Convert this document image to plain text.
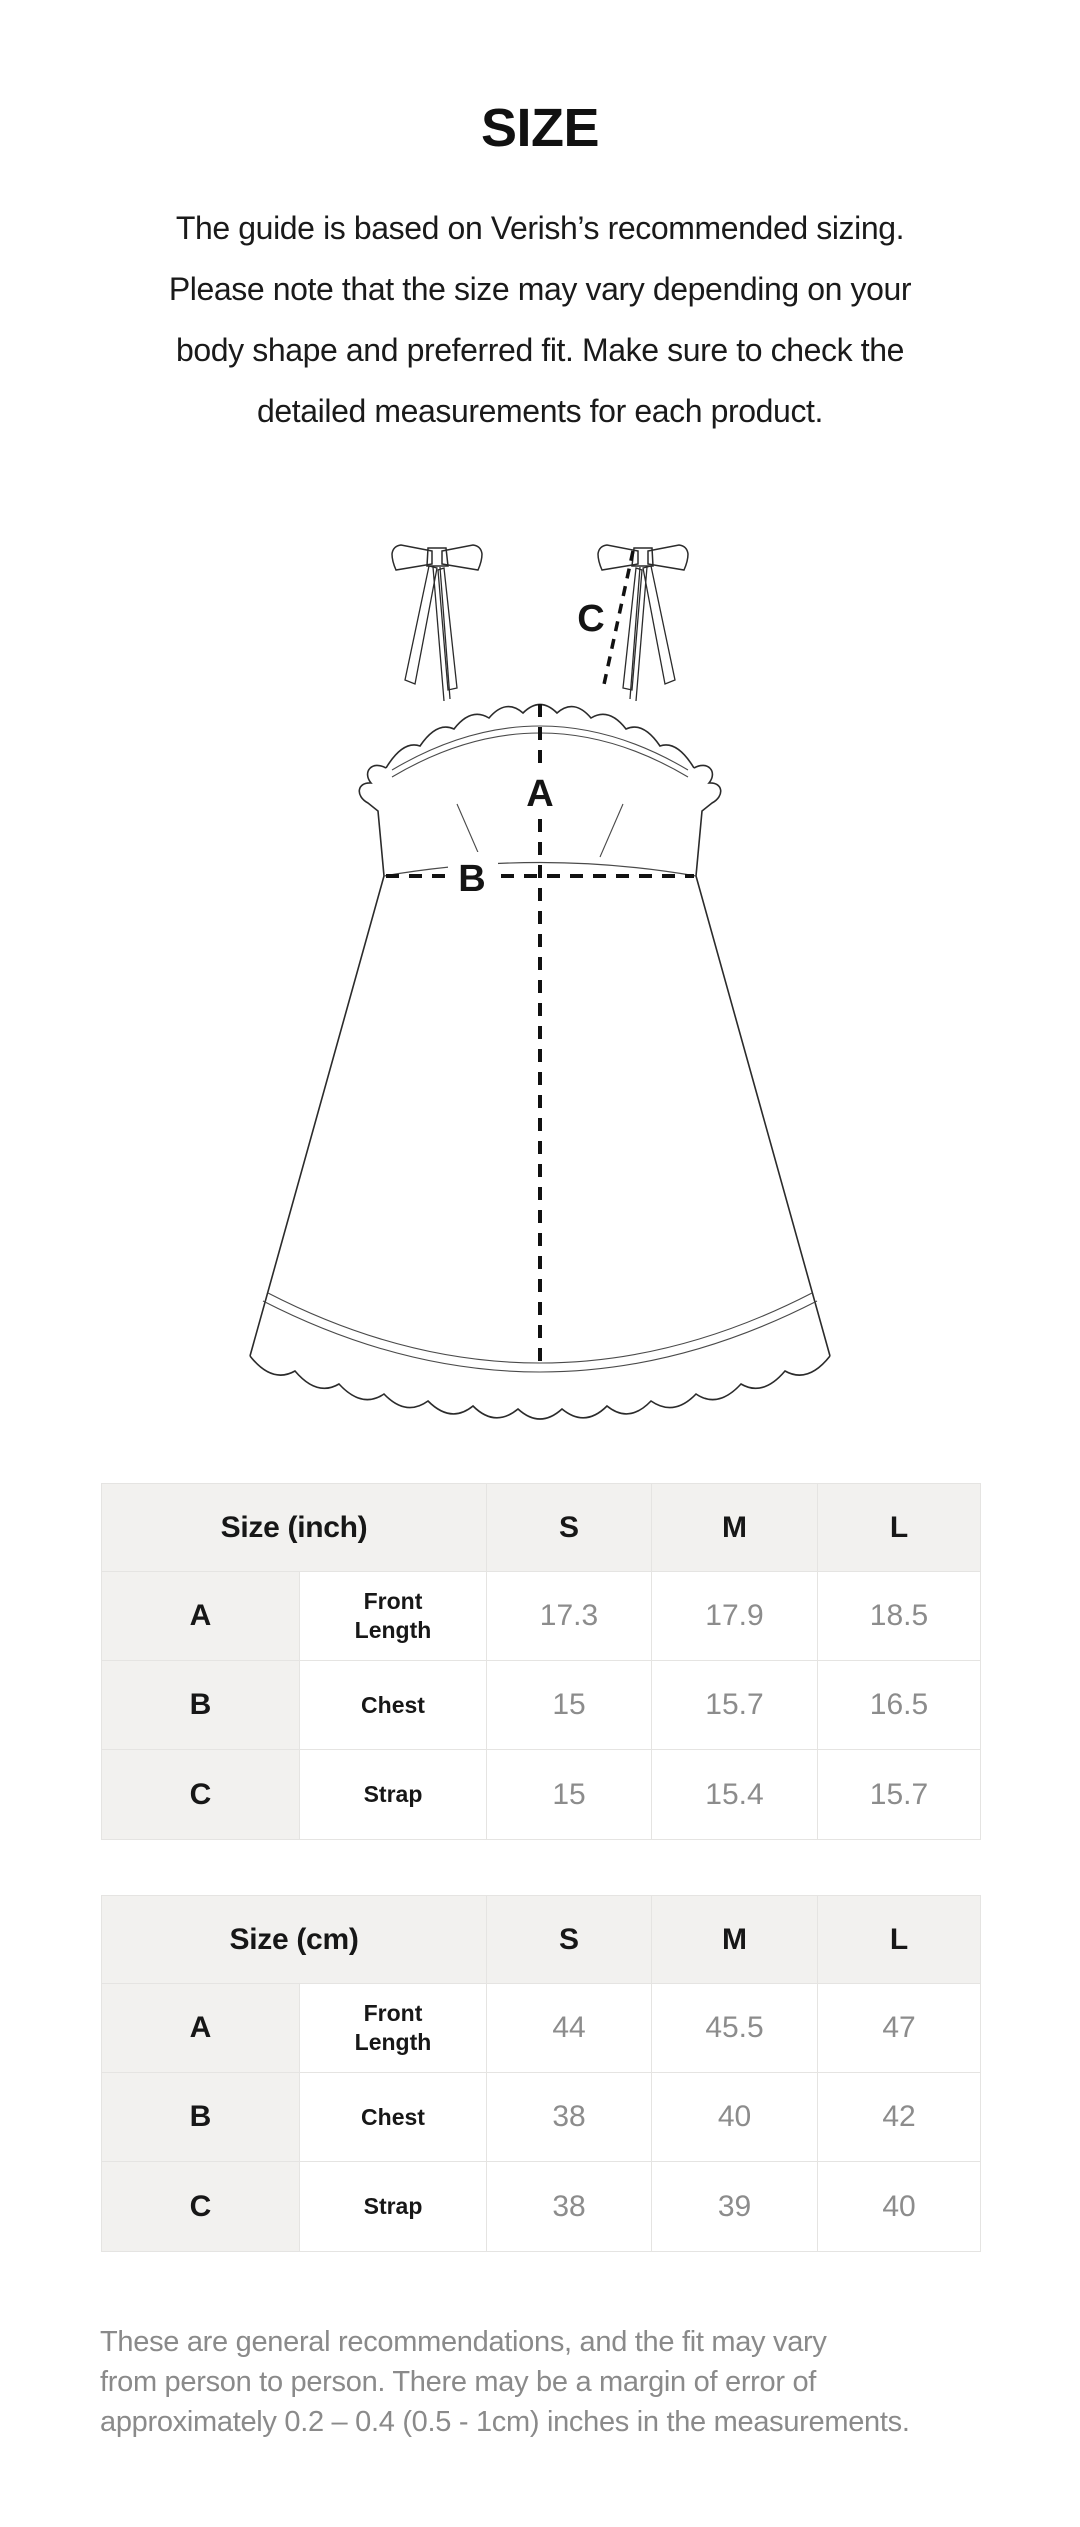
SIZE
The guide is based on Verish’s recommended sizing.
Please note that the size may vary depending on your
body shape and preferred fit. Make sure to check the
detailed measurements for each product.
A
B
C
Size (inch)		S	M	L
A	Front Length	17.3	17.9	18.5
B	Chest	15	15.7	16.5
C	Strap	15	15.4	15.7
Size (cm)		S	M	L
A	Front Length	44	45.5	47
B	Chest	38	40	42
C	Strap	38	39	40
These are general recommendations, and the fit may vary
from person to person. There may be a margin of error of
approximately 0.2 – 0.4 (0.5 - 1cm) inches in the measurements.
